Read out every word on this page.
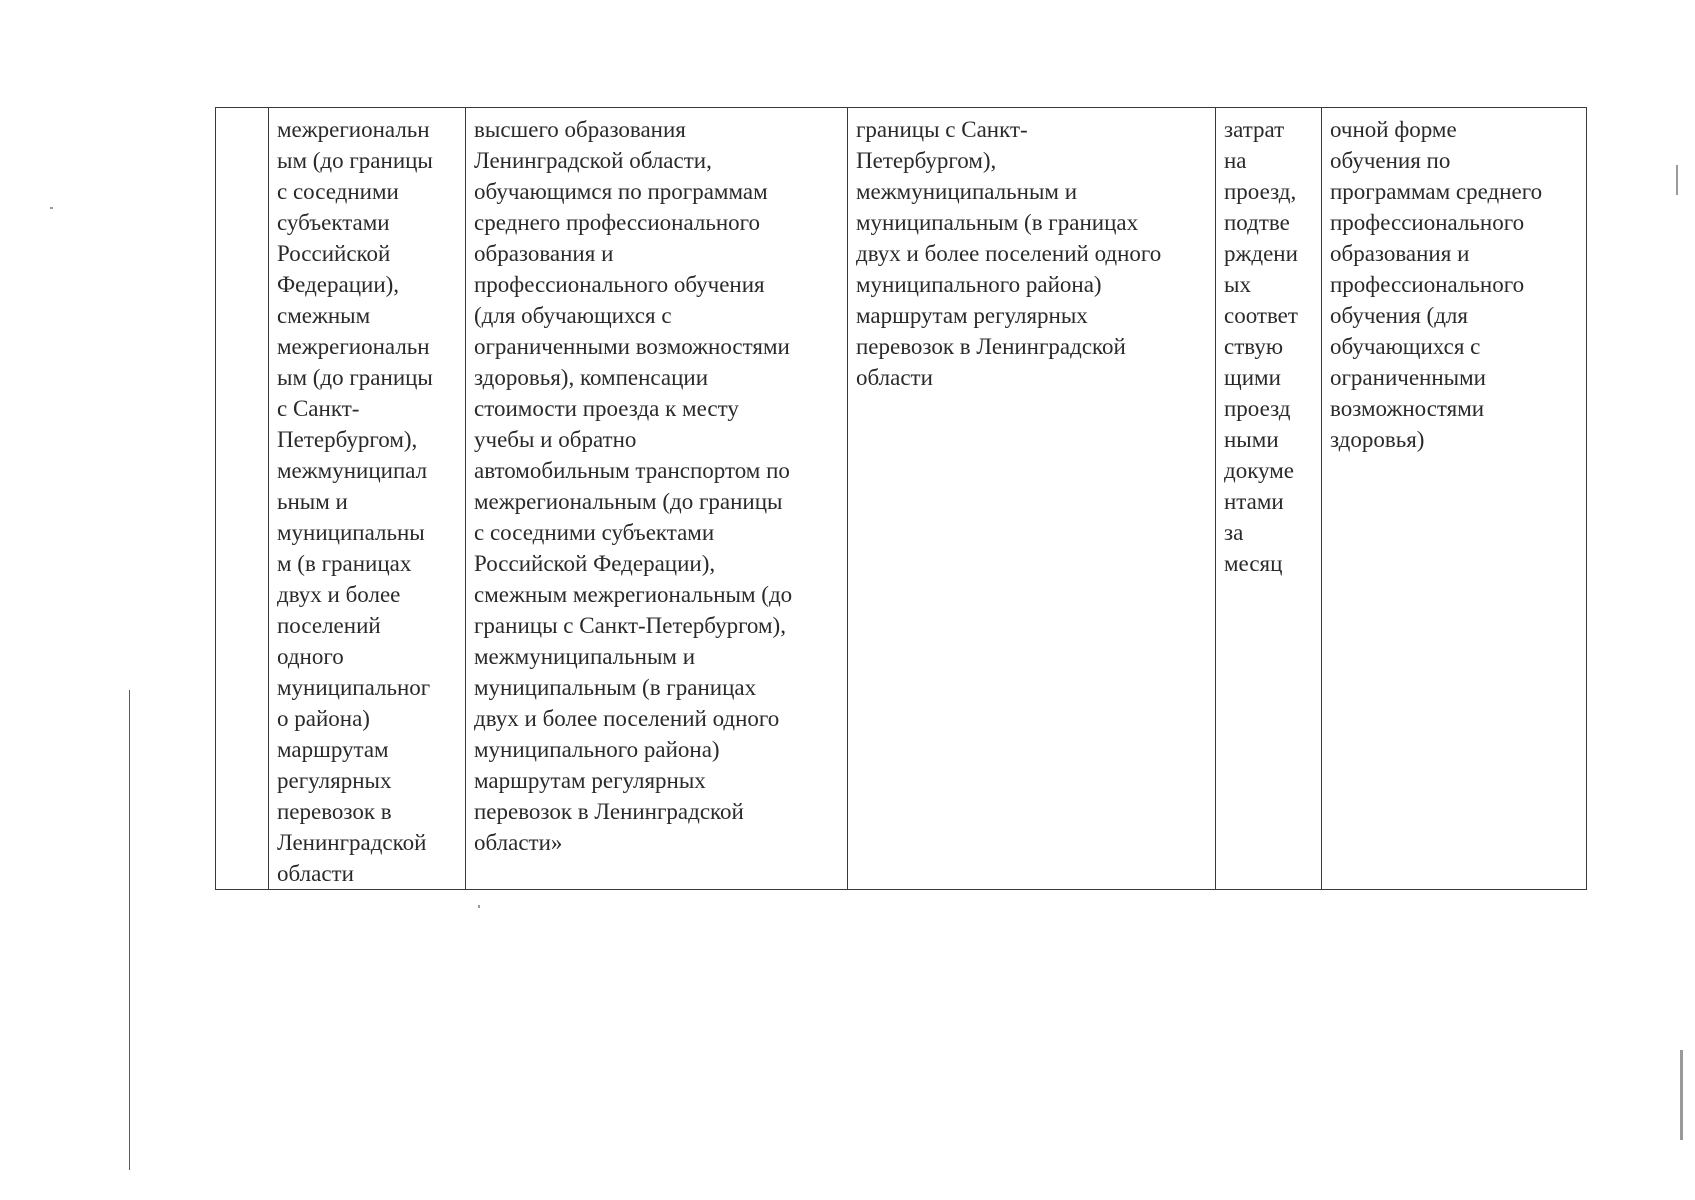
межрегиональн
ым (до границы
с соседними
субъектами
Российской
Федерации),
смежным
межрегиональн
ым (до границы
с Санкт-
Петербургом),
межмуниципал
ьным и
муниципальны
м (в границах
двух и более
поселений
одного
муниципальног
о района)
маршрутам
регулярных
перевозок в
Ленинградской
области

высшего образования
Ленинградской области,
обучающимся по программам
среднего профессионального
образования и
профессионального обучения
(для обучающихся с
ограниченными возможностями
здоровья), компенсации
стоимости проезда к месту
учебы и обратно
автомобильным транспортом по
межрегиональным (до границы
с соседними субъектами
Российской Федерации),
смежным межрегиональным (до
границы с Санкт-Петербургом),
межмуниципальным и
муниципальным (в границах
двух и более поселений одного
муниципального района)
маршрутам регулярных
перевозок в Ленинградской
области»

границы с Санкт-
Петербургом),
межмуниципальным и
муниципальным (в границах
двух и более поселений одного
муниципального района)
маршрутам регулярных
перевозок в Ленинградской
области

затрат
на
проезд,
подтве
рждени
ых
соответ
ствую
щими
проезд
ными
докуме
нтами
за
месяц

очной форме
обучения по
программам среднего
профессионального
образования и
профессионального
обучения (для
обучающихся с
ограниченными
возможностями
здоровья)
